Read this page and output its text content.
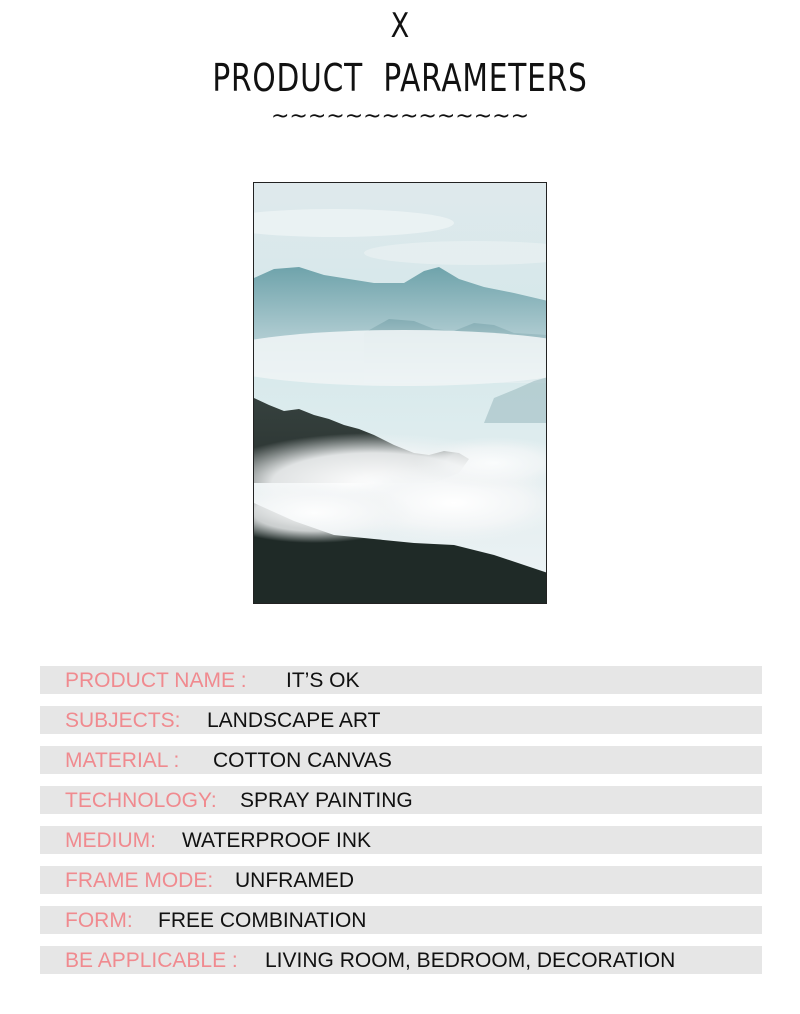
X
PRODUCT  PARAMETERS
~~~~~~~~~~~~~~
PRODUCT NAME : IT’S OK
SUBJECTS: LANDSCAPE ART
MATERIAL : COTTON CANVAS
TECHNOLOGY: SPRAY PAINTING
MEDIUM: WATERPROOF INK
FRAME MODE: UNFRAMED
FORM: FREE COMBINATION
BE APPLICABLE : LIVING ROOM, BEDROOM, DECORATION
